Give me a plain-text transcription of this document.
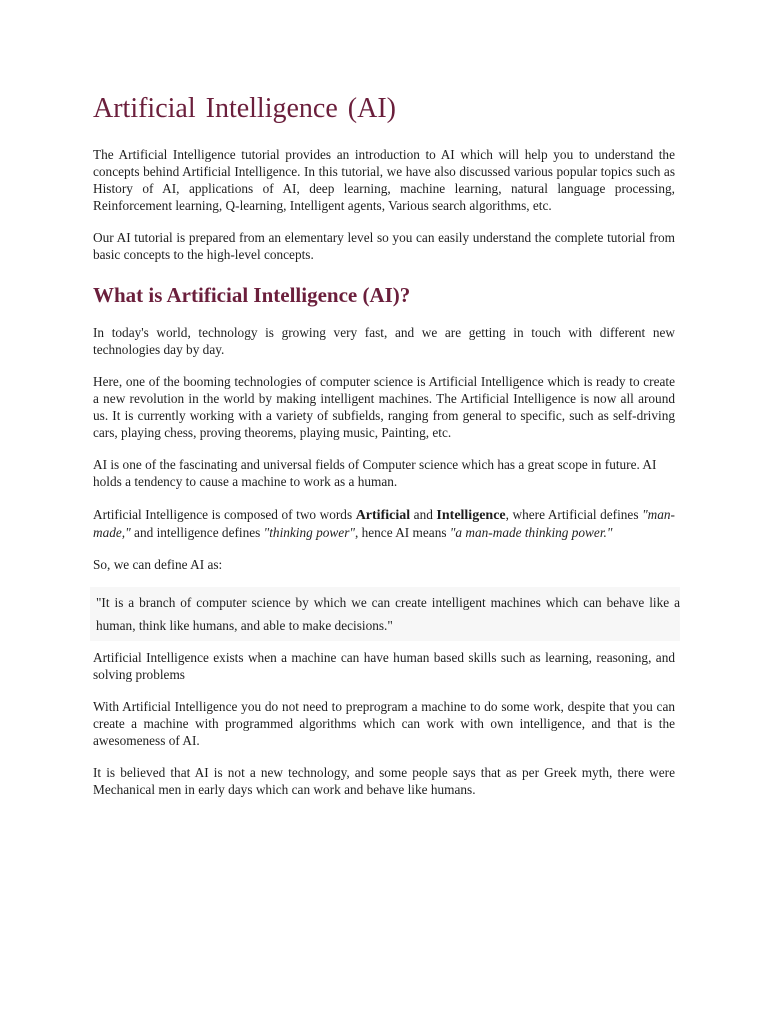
Artificial Intelligence (AI)

The Artificial Intelligence tutorial provides an introduction to AI which will help you to understand the concepts behind Artificial Intelligence. In this tutorial, we have also discussed various popular topics such as History of AI, applications of AI, deep learning, machine learning, natural language processing, Reinforcement learning, Q-learning, Intelligent agents, Various search algorithms, etc.

Our AI tutorial is prepared from an elementary level so you can easily understand the complete tutorial from basic concepts to the high-level concepts.

What is Artificial Intelligence (AI)?

In today's world, technology is growing very fast, and we are getting in touch with different new technologies day by day.

Here, one of the booming technologies of computer science is Artificial Intelligence which is ready to create a new revolution in the world by making intelligent machines. The Artificial Intelligence is now all around us. It is currently working with a variety of subfields, ranging from general to specific, such as self-driving cars, playing chess, proving theorems, playing music, Painting, etc.

AI is one of the fascinating and universal fields of Computer science which has a great scope in future. AI holds a tendency to cause a machine to work as a human.

Artificial Intelligence is composed of two words Artificial and Intelligence, where Artificial defines "man-made," and intelligence defines "thinking power", hence AI means "a man-made thinking power."

So, we can define AI as:

"It is a branch of computer science by which we can create intelligent machines which can behave like a human, think like humans, and able to make decisions."

Artificial Intelligence exists when a machine can have human based skills such as learning, reasoning, and solving problems

With Artificial Intelligence you do not need to preprogram a machine to do some work, despite that you can create a machine with programmed algorithms which can work with own intelligence, and that is the awesomeness of AI.

It is believed that AI is not a new technology, and some people says that as per Greek myth, there were Mechanical men in early days which can work and behave like humans.
